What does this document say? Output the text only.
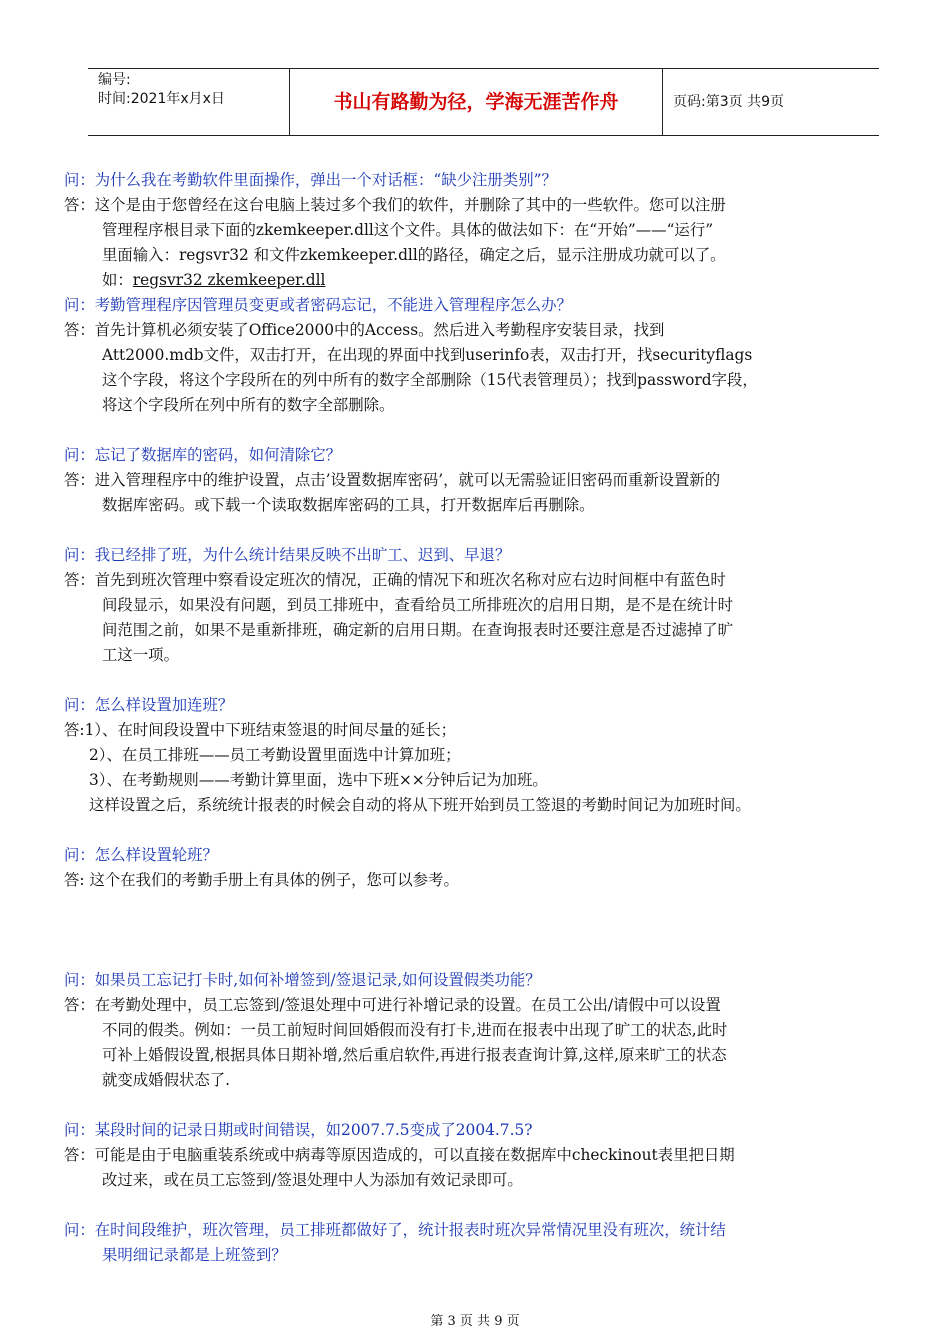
编号:
时间:2021年x月x日	书山有路勤为径，学海无涯苦作舟	页码:第3页 共9页
问：为什么我在考勤软件里面操作，弹出一个对话框：“缺少注册类别”？
答：这个是由于您曾经在这台电脑上装过多个我们的软件，并删除了其中的一些软件。您可以注册
管理程序根目录下面的zkemkeeper.dll这个文件。具体的做法如下：在“开始”——“运行”
里面输入：regsvr32 和文件zkemkeeper.dll的路径，确定之后，显示注册成功就可以了。
如：regsvr32 zkemkeeper.dll
问：考勤管理程序因管理员变更或者密码忘记，不能进入管理程序怎么办？
答：首先计算机必须安装了Office2000中的Access。然后进入考勤程序安装目录，找到
Att2000.mdb文件，双击打开，在出现的界面中找到userinfo表，双击打开，找securityflags
这个字段，将这个字段所在的列中所有的数字全部删除（15代表管理员）；找到password字段，
将这个字段所在列中所有的数字全部删除。
问：忘记了数据库的密码，如何清除它？
答：进入管理程序中的维护设置，点击’设置数据库密码’，就可以无需验证旧密码而重新设置新的
数据库密码。或下载一个读取数据库密码的工具，打开数据库后再删除。
问：我已经排了班，为什么统计结果反映不出旷工、迟到、早退？
答：首先到班次管理中察看设定班次的情况，正确的情况下和班次名称对应右边时间框中有蓝色时
间段显示，如果没有问题，到员工排班中，查看给员工所排班次的启用日期，是不是在统计时
间范围之前，如果不是重新排班，确定新的启用日期。在查询报表时还要注意是否过滤掉了旷
工这一项。
问：怎么样设置加连班？
答:1）、在时间段设置中下班结束签退的时间尽量的延长；
2）、在员工排班——员工考勤设置里面选中计算加班；
3）、在考勤规则——考勤计算里面，选中下班××分钟后记为加班。
这样设置之后，系统统计报表的时候会自动的将从下班开始到员工签退的考勤时间记为加班时间。
问：怎么样设置轮班？
答: 这个在我们的考勤手册上有具体的例子，您可以参考。
问：如果员工忘记打卡时,如何补增签到/签退记录,如何设置假类功能？
答：在考勤处理中，员工忘签到/签退处理中可进行补增记录的设置。在员工公出/请假中可以设置
不同的假类。例如：一员工前短时间回婚假而没有打卡,进而在报表中出现了旷工的状态,此时
可补上婚假设置,根据具体日期补增,然后重启软件,再进行报表查询计算,这样,原来旷工的状态
就变成婚假状态了.
问：某段时间的记录日期或时间错误，如2007.7.5变成了2004.7.5?
答：可能是由于电脑重装系统或中病毒等原因造成的，可以直接在数据库中checkinout表里把日期
改过来，或在员工忘签到/签退处理中人为添加有效记录即可。
问：在时间段维护，班次管理，员工排班都做好了，统计报表时班次异常情况里没有班次，统计结
果明细记录都是上班签到？
第 3 页 共 9 页
